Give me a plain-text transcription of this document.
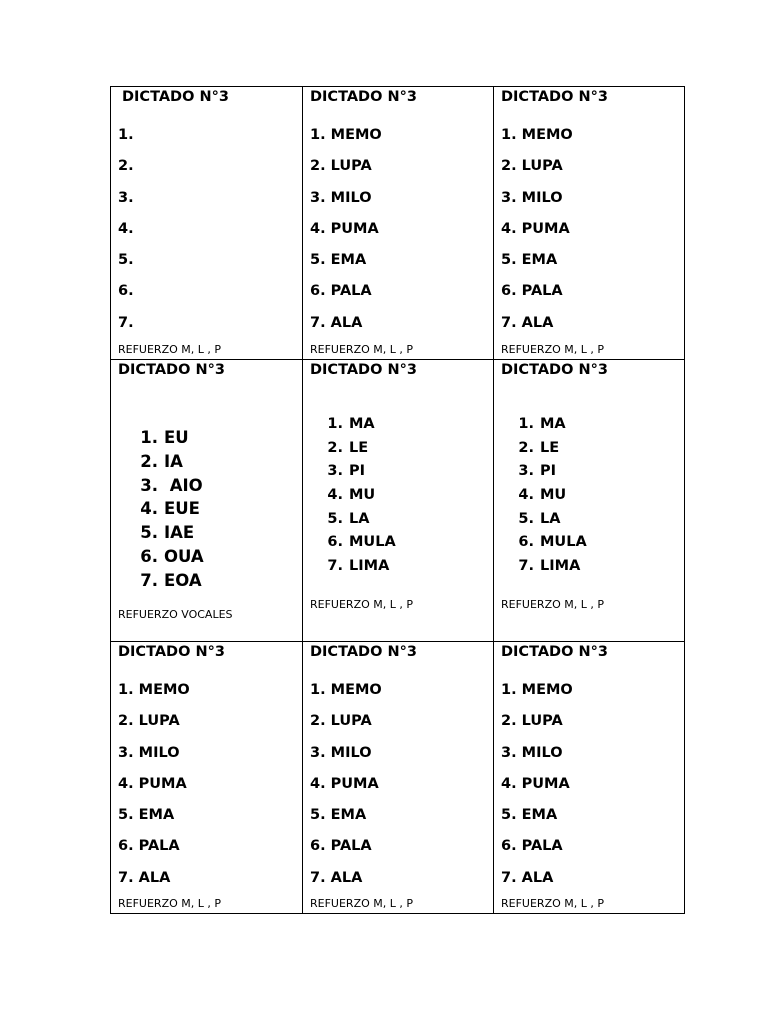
DICTADO N°3
1.
2.
3.
4.
5.
6.
7.

REFUERZO M, L , P

DICTADO N°3
1. MEMO
2. LUPA
3. MILO
4. PUMA
5. EMA
6. PALA
7. ALA

REFUERZO M, L , P

DICTADO N°3
1. MEMO
2. LUPA
3. MILO
4. PUMA
5. EMA
6. PALA
7. ALA

REFUERZO M, L , P

DICTADO N°3
1. EU
2. IA
3. AIO
4. EUE
5. IAE
6. OUA
7. EOA

REFUERZO VOCALES

DICTADO N°3
1. MA
2. LE
3. PI
4. MU
5. LA
6. MULA
7. LIMA

REFUERZO M, L , P

DICTADO N°3
1. MA
2. LE
3. PI
4. MU
5. LA
6. MULA
7. LIMA

REFUERZO M, L , P

DICTADO N°3
1. MEMO
2. LUPA
3. MILO
4. PUMA
5. EMA
6. PALA
7. ALA

REFUERZO M, L , P

DICTADO N°3
1. MEMO
2. LUPA
3. MILO
4. PUMA
5. EMA
6. PALA
7. ALA

REFUERZO M, L , P

DICTADO N°3
1. MEMO
2. LUPA
3. MILO
4. PUMA
5. EMA
6. PALA
7. ALA

REFUERZO M, L , P
